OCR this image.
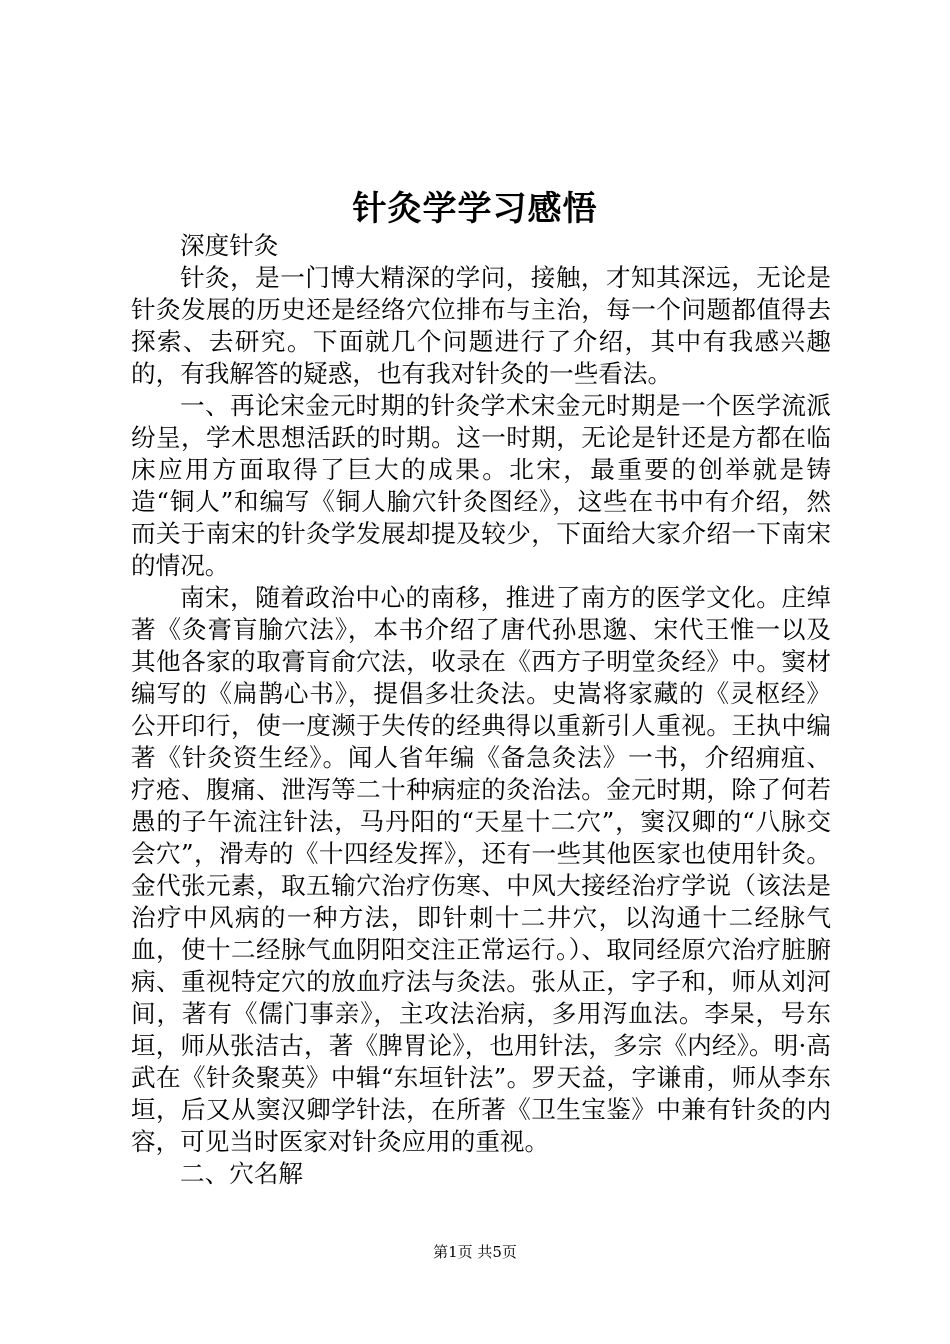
针灸学学习感悟

深度针灸

针灸，是一门博大精深的学问，接触，才知其深远，无论是针灸发展的历史还是经络穴位排布与主治，每一个问题都值得去探索、去研究。下面就几个问题进行了介绍，其中有我感兴趣的，有我解答的疑惑，也有我对针灸的一些看法。

一、再论宋金元时期的针灸学术宋金元时期是一个医学流派纷呈，学术思想活跃的时期。这一时期，无论是针还是方都在临床应用方面取得了巨大的成果。北宋，最重要的创举就是铸造“铜人”和编写《铜人腧穴针灸图经》，这些在书中有介绍，然而关于南宋的针灸学发展却提及较少，下面给大家介绍一下南宋的情况。

南宋，随着政治中心的南移，推进了南方的医学文化。庄绰著《灸膏肓腧穴法》，本书介绍了唐代孙思邈、宋代王惟一以及其他各家的取膏肓俞穴法，收录在《西方子明堂灸经》中。窦材编写的《扁鹊心书》，提倡多壮灸法。史嵩将家藏的《灵枢经》公开印行，使一度濒于失传的经典得以重新引人重视。王执中编著《针灸资生经》。闻人省年编《备急灸法》一书，介绍痈疽、疗疮、腹痛、泄泻等二十种病症的灸治法。金元时期，除了何若愚的子午流注针法，马丹阳的“天星十二穴”，窦汉卿的“八脉交会穴”，滑寿的《十四经发挥》，还有一些其他医家也使用针灸。金代张元素，取五输穴治疗伤寒、中风大接经治疗学说（该法是治疗中风病的一种方法，即针刺十二井穴，以沟通十二经脉气血，使十二经脉气血阴阳交注正常运行。）、取同经原穴治疗脏腑病、重视特定穴的放血疗法与灸法。张从正，字子和，师从刘河间，著有《儒门事亲》，主攻法治病，多用泻血法。李杲，号东垣，师从张洁古，著《脾胃论》，也用针法，多宗《内经》。明·高武在《针灸聚英》中辑“东垣针法”。罗天益，字谦甫，师从李东垣，后又从窦汉卿学针法，在所著《卫生宝鉴》中兼有针灸的内容，可见当时医家对针灸应用的重视。

二、穴名解

第1页 共5页
